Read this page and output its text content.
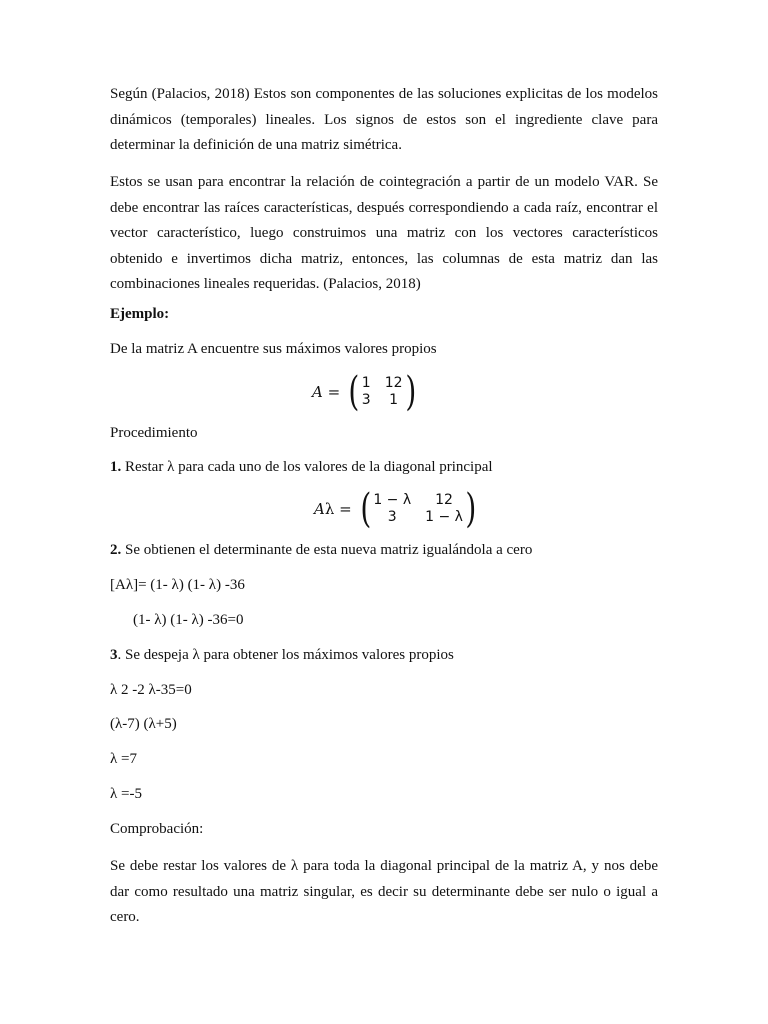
Según (Palacios, 2018) Estos son componentes de las soluciones explicitas de los modelos dinámicos (temporales) lineales. Los signos de estos son el ingrediente clave para determinar la definición de una matriz simétrica.

Estos se usan para encontrar la relación de cointegración a partir de un modelo VAR. Se debe encontrar las raíces características, después correspondiendo a cada raíz, encontrar el vector característico, luego construimos una matriz con los vectores característicos obtenido e invertimos dicha matriz, entonces, las columnas de esta matriz dan las combinaciones lineales requeridas. (Palacios, 2018)

Ejemplo:

De la matriz A encuentre sus máximos valores propios

A = ( 1 12
3	1 )

Procedimiento

1. Restar λ para cada uno de los valores de la diagonal principal

Aλ = ( 1 − λ	12
3	1 − λ )

2. Se obtienen el determinante de esta nueva matriz igualándola a cero

[Aλ]= (1- λ) (1- λ) -36

(1- λ) (1- λ) -36=0

3. Se despeja λ para obtener los máximos valores propios

λ 2 -2 λ-35=0

(λ-7) (λ+5)

λ =7

λ =-5

Comprobación:

Se debe restar los valores de λ para toda la diagonal principal de la matriz A, y nos debe dar como resultado una matriz singular, es decir su determinante debe ser nulo o igual a cero.
